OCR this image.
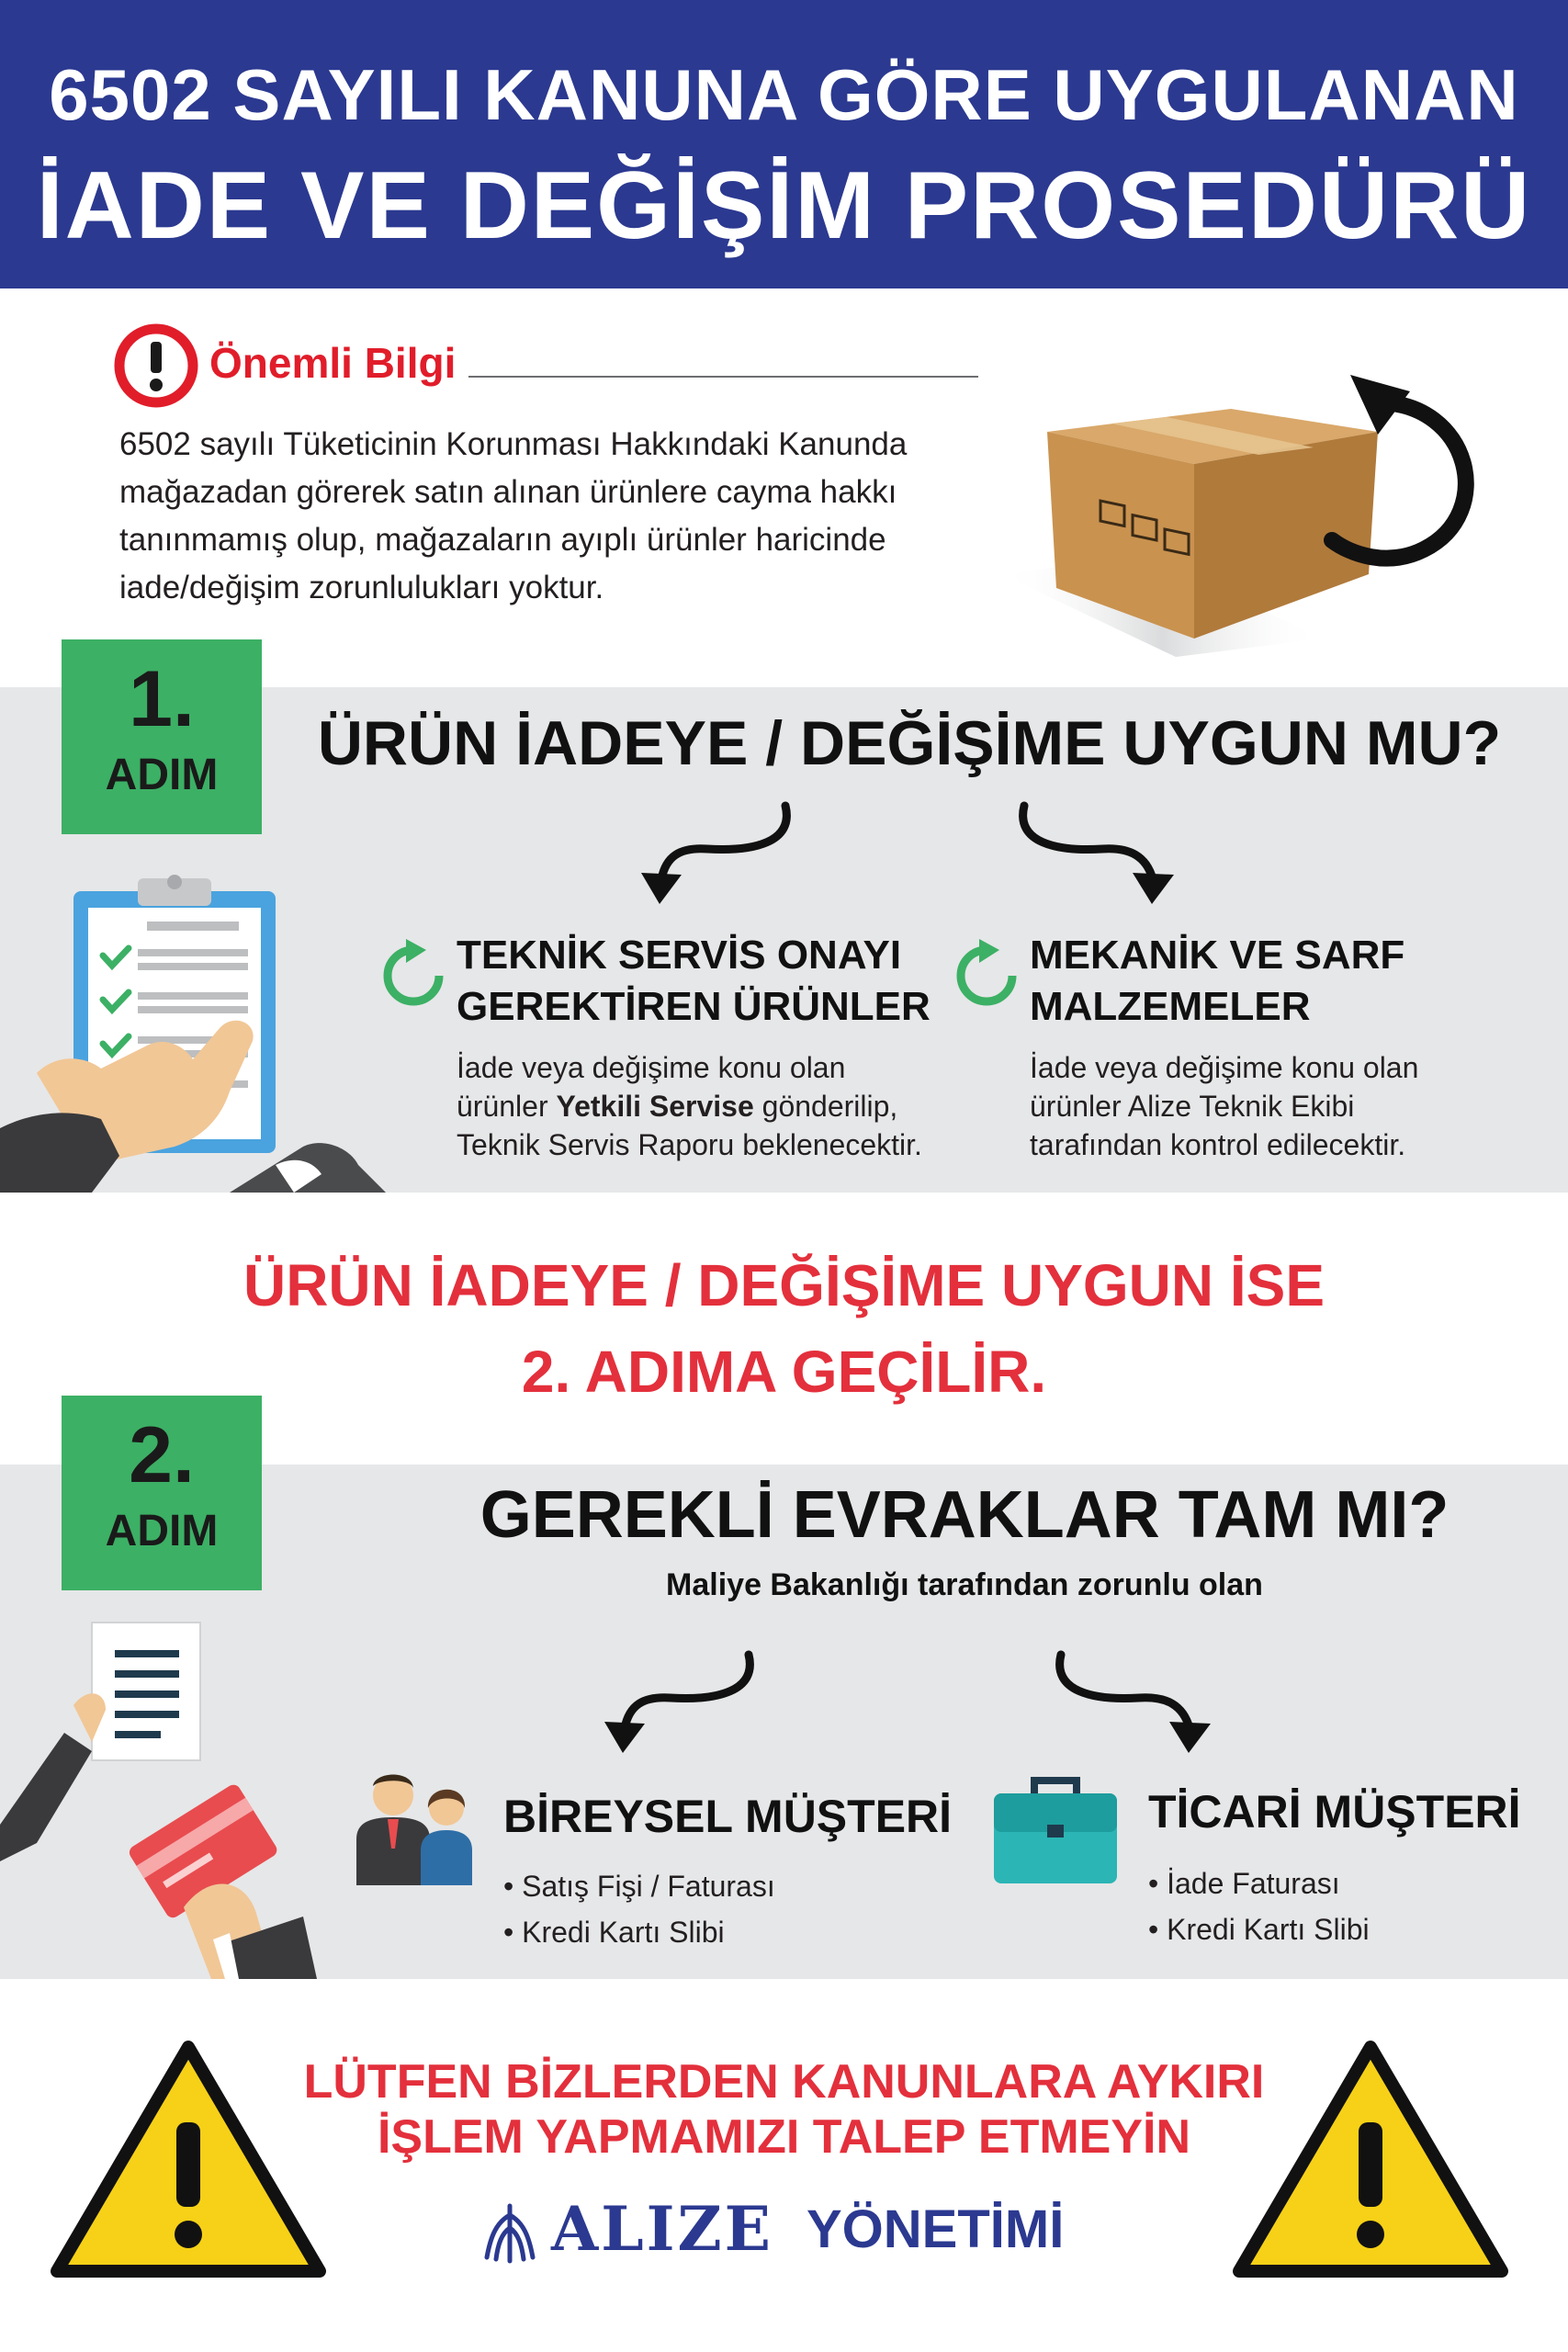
6502 SAYILI KANUNA GÖRE UYGULANAN
İADE VE DEĞİŞİM PROSEDÜRÜ
Önemli Bilgi
6502 sayılı Tüketicinin Korunması Hakkındaki Kanunda
mağazadan görerek satın alınan ürünlere cayma hakkı
tanınmamış olup, mağazaların ayıplı ürünler haricinde
iade/değişim zorunlulukları yoktur.
1.
ADIM	ÜRÜN İADEYE / DEĞİŞİME UYGUN MU?
TEKNİK SERVİS ONAYI
GEREKTİREN ÜRÜNLER
İade veya değişime konu olan
ürünler Yetkili Servise gönderilip,
Teknik Servis Raporu beklenecektir.
MEKANİK VE SARF
MALZEMELER
İade veya değişime konu olan
ürünler Alize Teknik Ekibi
tarafından kontrol edilecektir.
ÜRÜN İADEYE / DEĞİŞİME UYGUN İSE
2. ADIMA GEÇİLİR.
2.
ADIM	GEREKLİ EVRAKLAR TAM MI?
Maliye Bakanlığı tarafından zorunlu olan
BİREYSEL MÜŞTERİ
• Satış Fişi / Faturası
• Kredi Kartı Slibi
TİCARİ MÜŞTERİ
• İade Faturası
• Kredi Kartı Slibi
LÜTFEN BİZLERDEN KANUNLARA AYKIRI
İŞLEM YAPMAMIZI TALEP ETMEYİN
ALIZE YÖNETİMİ
